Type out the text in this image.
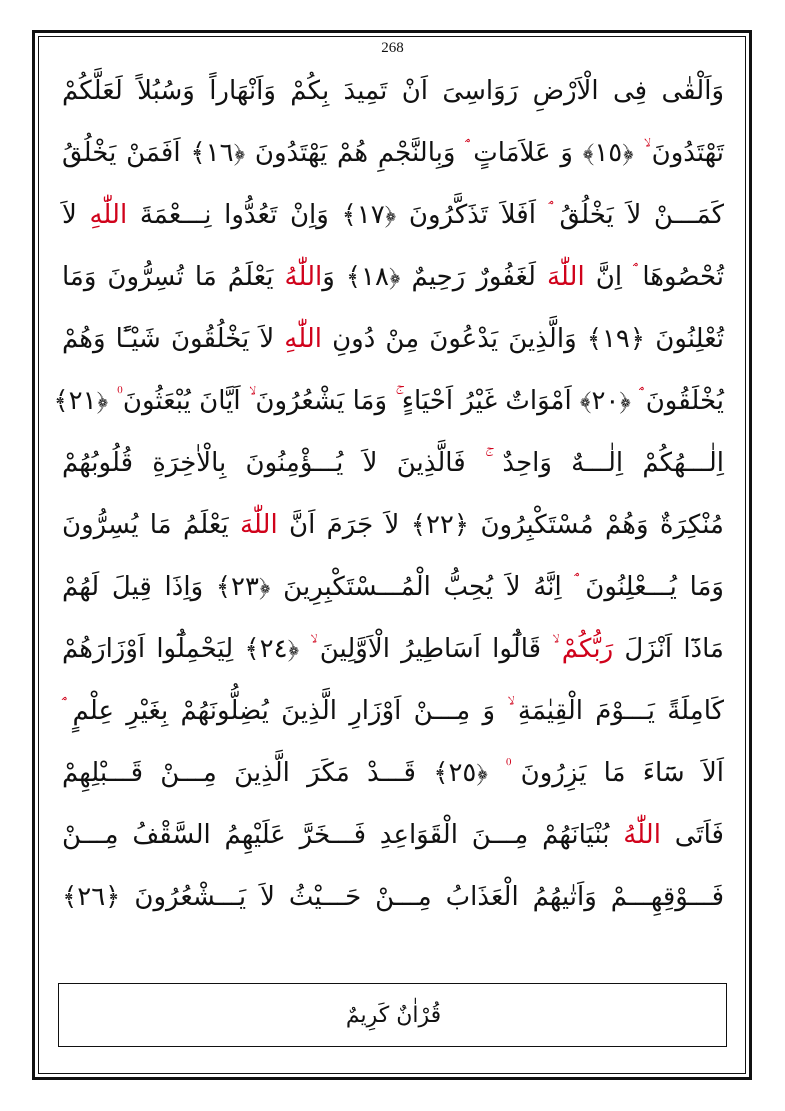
268
وَاَلْقٰى فِى الْاَرْضِ رَوَاسِىَ اَنْ تَمِيدَ بِكُمْ وَاَنْهَاراً وَسُبُلاً لَعَلَّكُمْ
تَهْتَدُونَ ۙ ﴿١٥﴾ وَ عَلاَمَاتٍ ۘ وَبِالنَّجْمِ هُمْ يَهْتَدُونَ ﴿١٦﴾ اَفَمَنْ يَخْلُقُ
كَمَـــنْ لاَ يَخْلُقُ ۘ اَفَلاَ تَذَكَّرُونَ ﴿١٧﴾ وَاِنْ تَعُدُّوا نِـــعْمَةَ اللّٰهِ لاَ
تُحْصُوهَا ۘ اِنَّ اللّٰهَ لَغَفُورٌ رَحِيمٌ ﴿١٨﴾ وَاللّٰهُ يَعْلَمُ مَا تُسِرُّونَ وَمَا
تُعْلِنُونَ ﴿١٩﴾ وَالَّذِينَ يَدْعُونَ مِنْ دُونِ اللّٰهِ لاَ يَخْلُقُونَ شَيْـًٔا وَهُمْ
يُخْلَقُونَ ۘ ﴿٢٠﴾ اَمْوَاتٌ غَيْرُ اَحْيَاءٍ ۚ وَمَا يَشْعُرُونَ ۙ اَيَّانَ يُبْعَثُونَ ۠ ﴿٢١﴾
اِلٰـــهُكُمْ اِلٰـــهٌ وَاحِدٌ ۚ فَالَّذِينَ لاَ يُـــؤْمِنُونَ بِالْاٰخِرَةِ قُلُوبُهُمْ
مُنْكِرَةٌ وَهُمْ مُسْتَكْبِرُونَ ﴿٢٢﴾ لاَ جَرَمَ اَنَّ اللّٰهَ يَعْلَمُ مَا يُسِرُّونَ
وَمَا يُـــعْلِنُونَ ۘ اِنَّهُ لاَ يُحِبُّ الْمُـــسْتَكْبِرِينَ ﴿٢٣﴾ وَاِذَا قِيلَ لَهُمْ
مَاذَٓا اَنْزَلَ رَبُّكُمْ ۙ قَالُٓوا اَسَاطِيرُ الْاَوَّلِينَ ۙ ﴿٢٤﴾ لِيَحْمِلُٓوا اَوْزَارَهُمْ
كَامِلَةً يَـــوْمَ الْقِيٰمَةِ ۙ وَ مِـــنْ اَوْزَارِ الَّذِينَ يُضِلُّونَهُمْ بِغَيْرِ عِلْمٍ ۘ
اَلاَ سَٓاءَ مَا يَزِرُونَ ۠ ﴿٢٥﴾ قَـــدْ مَكَرَ الَّذِينَ مِـــنْ قَـــبْلِهِمْ
فَاَتَى اللّٰهُ بُنْيَانَهُمْ مِـــنَ الْقَوَاعِدِ فَـــخَرَّ عَلَيْهِمُ السَّقْفُ مِـــنْ
فَـــوْقِهِـــمْ وَاَتٰيهُمُ الْعَذَابُ مِـــنْ حَـــيْثُ لاَ يَـــشْعُرُونَ ﴿٢٦﴾
قُرْاٰنٌ كَرِيمٌ
